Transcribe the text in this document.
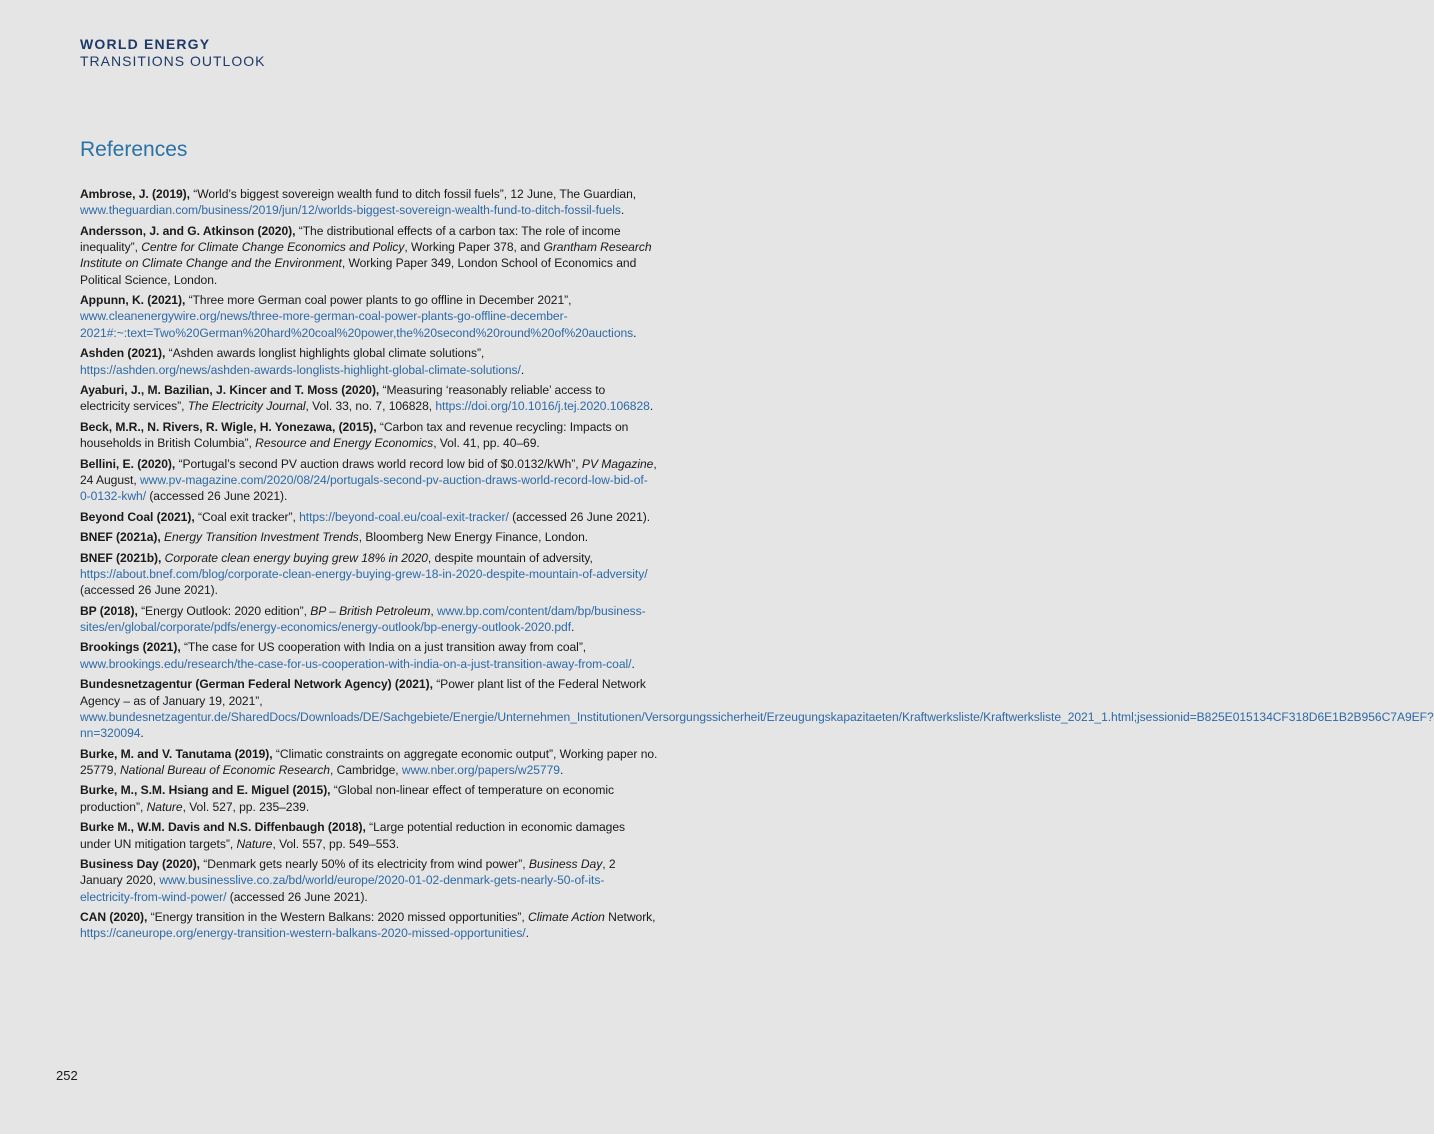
WORLD ENERGY
TRANSITIONS OUTLOOK
References

Ambrose, J. (2019), “World’s biggest sovereign wealth fund to ditch fossil fuels”, 12 June, The Guardian, www.theguardian.com/business/2019/jun/12/worlds-biggest-sovereign-wealth-fund-to-ditch-fossil-fuels.

Andersson, J. and G. Atkinson (2020), “The distributional effects of a carbon tax: The role of income inequality”, Centre for Climate Change Economics and Policy, Working Paper 378, and Grantham Research Institute on Climate Change and the Environment, Working Paper 349, London School of Economics and Political Science, London.

Appunn, K. (2021), “Three more German coal power plants to go offline in December 2021”, www.cleanenergywire.org/news/three-more-german-coal-power-plants-go-offline-december-2021#:~:text=Two%20German%20hard%20coal%20power,the%20second%20round%20of%20auctions.

Ashden (2021), “Ashden awards longlist highlights global climate solutions”, https://ashden.org/news/ashden-awards-longlists-highlight-global-climate-solutions/.

Ayaburi, J., M. Bazilian, J. Kincer and T. Moss (2020), “Measuring ‘reasonably reliable’ access to electricity services”, The Electricity Journal, Vol. 33, no. 7, 106828, https://doi.org/10.1016/j.tej.2020.106828.

Beck, M.R., N. Rivers, R. Wigle, H. Yonezawa, (2015), “Carbon tax and revenue recycling: Impacts on households in British Columbia”, Resource and Energy Economics, Vol. 41, pp. 40–69.

Bellini, E. (2020), “Portugal’s second PV auction draws world record low bid of $0.0132/kWh”, PV Magazine, 24 August, www.pv-magazine.com/2020/08/24/portugals-second-pv-auction-draws-world-record-low-bid-of-0-0132-kwh/ (accessed 26 June 2021).

Beyond Coal (2021), “Coal exit tracker”, https://beyond-coal.eu/coal-exit-tracker/ (accessed 26 June 2021).

BNEF (2021a), Energy Transition Investment Trends, Bloomberg New Energy Finance, London.

BNEF (2021b), Corporate clean energy buying grew 18% in 2020, despite mountain of adversity, https://about.bnef.com/blog/corporate-clean-energy-buying-grew-18-in-2020-despite-mountain-of-adversity/ (accessed 26 June 2021).

BP (2018), “Energy Outlook: 2020 edition”, BP – British Petroleum, www.bp.com/content/dam/bp/business-sites/en/global/corporate/pdfs/energy-economics/energy-outlook/bp-energy-outlook-2020.pdf.

Brookings (2021), “The case for US cooperation with India on a just transition away from coal”, www.brookings.edu/research/the-case-for-us-cooperation-with-india-on-a-just-transition-away-from-coal/.

Bundesnetzagentur (German Federal Network Agency) (2021), “Power plant list of the Federal Network Agency – as of January 19, 2021”, www.bundesnetzagentur.de/SharedDocs/Downloads/DE/Sachgebiete/Energie/Unternehmen_Institutionen/Versorgungssicherheit/Erzeugungskapazitaeten/Kraftwerksliste/Kraftwerksliste_2021_1.html;jsessionid=B825E015134CF318D6E1B2B956C7A9EF?nn=320094.

Burke, M. and V. Tanutama (2019), “Climatic constraints on aggregate economic output”, Working paper no. 25779, National Bureau of Economic Research, Cambridge, www.nber.org/papers/w25779.

Burke, M., S.M. Hsiang and E. Miguel (2015), “Global non-linear effect of temperature on economic production”, Nature, Vol. 527, pp. 235–239.

Burke M., W.M. Davis and N.S. Diffenbaugh (2018), “Large potential reduction in economic damages under UN mitigation targets”, Nature, Vol. 557, pp. 549–553.

Business Day (2020), “Denmark gets nearly 50% of its electricity from wind power”, Business Day, 2 January 2020, www.businesslive.co.za/bd/world/europe/2020-01-02-denmark-gets-nearly-50-of-its-electricity-from-wind-power/ (accessed 26 June 2021).

CAN (2020), “Energy transition in the Western Balkans: 2020 missed opportunities”, Climate Action Network, https://caneurope.org/energy-transition-western-balkans-2020-missed-opportunities/.

252
